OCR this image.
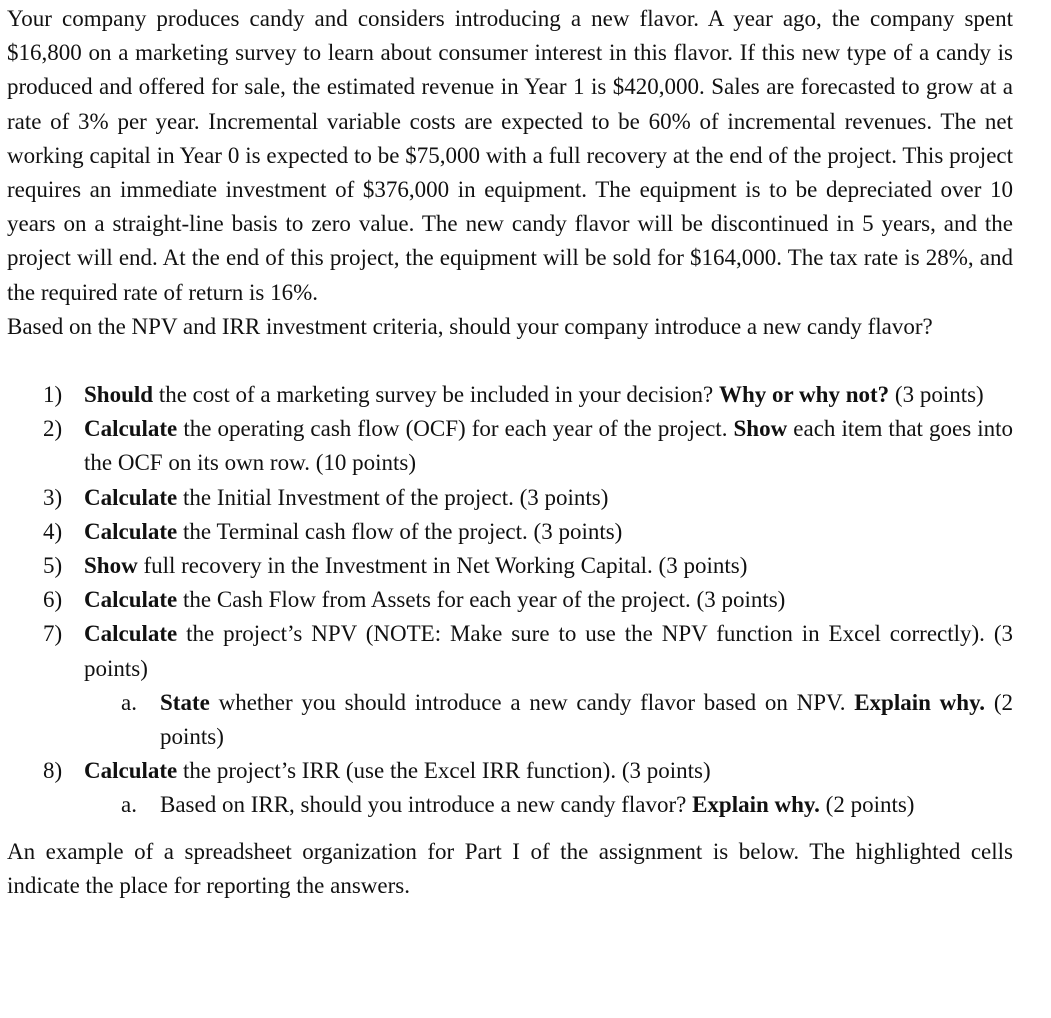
Your company produces candy and considers introducing a new flavor. A year ago, the company spent $16,800 on a marketing survey to learn about consumer interest in this flavor. If this new type of a candy is produced and offered for sale, the estimated revenue in Year 1 is $420,000. Sales are forecasted to grow at a rate of 3% per year. Incremental variable costs are expected to be 60% of incremental revenues. The net working capital in Year 0 is expected to be $75,000 with a full recovery at the end of the project. This project requires an immediate investment of $376,000 in equipment. The equipment is to be depreciated over 10 years on a straight-line basis to zero value. The new candy flavor will be discontinued in 5 years, and the project will end. At the end of this project, the equipment will be sold for $164,000. The tax rate is 28%, and the required rate of return is 16%.

Based on the NPV and IRR investment criteria, should your company introduce a new candy flavor?

1) Should the cost of a marketing survey be included in your decision? Why or why not? (3 points)
2) Calculate the operating cash flow (OCF) for each year of the project. Show each item that goes into the OCF on its own row. (10 points)
3) Calculate the Initial Investment of the project. (3 points)
4) Calculate the Terminal cash flow of the project. (3 points)
5) Show full recovery in the Investment in Net Working Capital. (3 points)
6) Calculate the Cash Flow from Assets for each year of the project. (3 points)
7) Calculate the project’s NPV (NOTE: Make sure to use the NPV function in Excel correctly). (3 points)
a. State whether you should introduce a new candy flavor based on NPV. Explain why. (2 points)
8) Calculate the project’s IRR (use the Excel IRR function). (3 points)
a. Based on IRR, should you introduce a new candy flavor? Explain why. (2 points)

An example of a spreadsheet organization for Part I of the assignment is below. The highlighted cells indicate the place for reporting the answers.
